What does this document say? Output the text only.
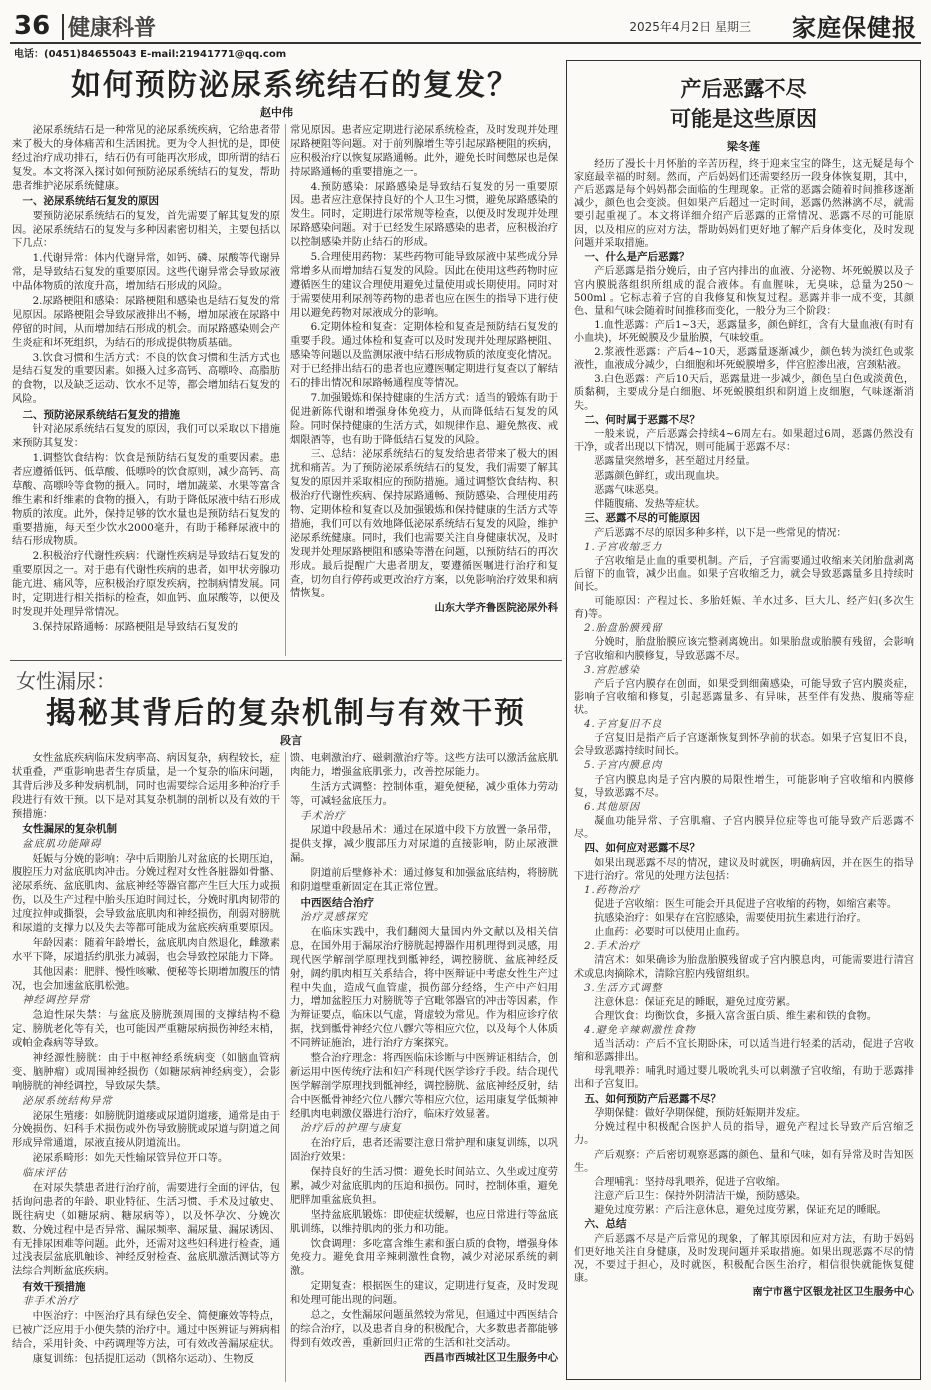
36 健康科普	2025年4月2日 星期三 家庭保健报
电话：(0451)84655043 E-mail:21941771@qq.com
如何预防泌尿系统结石的复发？
赵中伟

泌尿系统结石是一种常见的泌尿系统疾病，它给患者带来了极大的身体痛苦和生活困扰。更为令人担忧的是，即使经过治疗成功排石，结石仍有可能再次形成，即所谓的结石复发。本文将深入探讨如何预防泌尿系统结石的复发，帮助患者维护泌尿系统健康。

一、泌尿系统结石复发的原因

要预防泌尿系统结石的复发，首先需要了解其复发的原因。泌尿系统结石的复发与多种因素密切相关，主要包括以下几点：

1.代谢异常：体内代谢异常，如钙、磷、尿酸等代谢异常，是导致结石复发的重要原因。这些代谢异常会导致尿液中晶体物质的浓度升高，增加结石形成的风险。

2.尿路梗阻和感染：尿路梗阻和感染也是结石复发的常见原因。尿路梗阻会导致尿液排出不畅，增加尿液在尿路中停留的时间，从而增加结石形成的机会。而尿路感染则会产生炎症和坏死组织，为结石的形成提供物质基础。

3.饮食习惯和生活方式：不良的饮食习惯和生活方式也是结石复发的重要因素。如摄入过多高钙、高嘌呤、高脂肪的食物，以及缺乏运动、饮水不足等，都会增加结石复发的风险。

二、预防泌尿系统结石复发的措施

针对泌尿系统结石复发的原因，我们可以采取以下措施来预防其复发：

1.调整饮食结构：饮食是预防结石复发的重要因素。患者应遵循低钙、低草酸、低嘌呤的饮食原则，减少高钙、高草酸、高嘌呤等食物的摄入。同时，增加蔬菜、水果等富含维生素和纤维素的食物的摄入，有助于降低尿液中结石形成物质的浓度。此外，保持足够的饮水量也是预防结石复发的重要措施，每天至少饮水2000毫升，有助于稀释尿液中的结石形成物质。

2.积极治疗代谢性疾病：代谢性疾病是导致结石复发的重要原因之一。对于患有代谢性疾病的患者，如甲状旁腺功能亢进、痛风等，应积极治疗原发疾病，控制病情发展。同时，定期进行相关指标的检查，如血钙、血尿酸等，以便及时发现并处理异常情况。

3.保持尿路通畅：尿路梗阻是导致结石复发的

常见原因。患者应定期进行泌尿系统检查，及时发现并处理尿路梗阻等问题。对于前列腺增生等引起尿路梗阻的疾病，应积极治疗以恢复尿路通畅。此外，避免长时间憋尿也是保持尿路通畅的重要措施之一。

4.预防感染：尿路感染是导致结石复发的另一重要原因。患者应注意保持良好的个人卫生习惯，避免尿路感染的发生。同时，定期进行尿常规等检查，以便及时发现并处理尿路感染问题。对于已经发生尿路感染的患者，应积极治疗以控制感染并防止结石的形成。

5.合理使用药物：某些药物可能导致尿液中某些成分异常增多从而增加结石复发的风险。因此在使用这些药物时应遵循医生的建议合理使用避免过量使用或长期使用。同时对于需要使用利尿剂等药物的患者也应在医生的指导下进行使用以避免药物对尿液成分的影响。

6.定期体检和复查：定期体检和复查是预防结石复发的重要手段。通过体检和复查可以及时发现并处理尿路梗阻、感染等问题以及监测尿液中结石形成物质的浓度变化情况。对于已经排出结石的患者也应遵医嘱定期进行复查以了解结石的排出情况和尿路畅通程度等情况。

7.加强锻炼和保持健康的生活方式：适当的锻炼有助于促进新陈代谢和增强身体免疫力，从而降低结石复发的风险。同时保持健康的生活方式，如规律作息、避免熬夜、戒烟限酒等，也有助于降低结石复发的风险。

三、总结：泌尿系统结石的复发给患者带来了极大的困扰和痛苦。为了预防泌尿系统结石的复发，我们需要了解其复发的原因并采取相应的预防措施。通过调整饮食结构、积极治疗代谢性疾病、保持尿路通畅、预防感染、合理使用药物、定期体检和复查以及加强锻炼和保持健康的生活方式等措施，我们可以有效地降低泌尿系统结石复发的风险，维护泌尿系统健康。同时，我们也需要关注自身健康状况，及时发现并处理尿路梗阻和感染等潜在问题，以预防结石的再次形成。最后提醒广大患者朋友，要遵循医嘱进行治疗和复查，切勿自行停药或更改治疗方案，以免影响治疗效果和病情恢复。

山东大学齐鲁医院泌尿外科

女性漏尿：
揭秘其背后的复杂机制与有效干预
段言

女性盆底疾病临床发病率高、病因复杂，病程较长，症状重叠，严重影响患者生存质量，是一个复杂的临床问题，其背后涉及多种发病机制，同时也需要综合运用多种治疗手段进行有效干预。以下是对其复杂机制的剖析以及有效的干预措施：

女性漏尿的复杂机制

盆底肌功能障碍

妊娠与分娩的影响：孕中后期胎儿对盆底的长期压迫，腹腔压力对盆底肌肉冲击。分娩过程对女性各脏器如骨骼、泌尿系统、盆底肌肉、盆底神经等器官都产生巨大压力或损伤，以及生产过程中胎头压迫时间过长，分娩时肌肉韧带的过度拉伸或撕裂，会导致盆底肌肉和神经损伤，削弱对膀胱和尿道的支撑力以及失去等都可能成为盆底疾病重要原因。

年龄因素：随着年龄增长，盆底肌肉自然退化，雌激素水平下降，尿道括约肌张力减弱，也会导致控尿能力下降。

其他因素：肥胖、慢性咳嗽、便秘等长期增加腹压的情况，也会加速盆底肌松弛。

神经调控异常

急迫性尿失禁：与盆底及膀胱颈周围的支撑结构不稳定、膀胱老化等有关，也可能因严重糖尿病损伤神经末梢，或帕金森病等导致。

神经源性膀胱：由于中枢神经系统病变（如脑血管病变、脑肿瘤）或周围神经损伤（如糖尿病神经病变），会影响膀胱的神经调控，导致尿失禁。

泌尿系统结构异常

泌尿生殖瘘：如膀胱阴道瘘或尿道阴道瘘，通常是由于分娩损伤、妇科手术损伤或外伤导致膀胱或尿道与阴道之间形成异常通道，尿液直接从阴道流出。

泌尿系畸形：如先天性输尿管异位开口等。

临床评估

在对尿失禁患者进行治疗前，需要进行全面的评估，包括询问患者的年龄、职业特征、生活习惯、手术及过敏史、既往病史（如糖尿病、糖尿病等），以及怀孕次、分娩次数、分娩过程中是否异常、漏尿频率、漏尿量、漏尿诱因、有无排尿困难等问题。此外，还需对这些妇科进行检查，通过浅表层盆底肌触诊、神经反射检查、盆底肌激活测试等方法综合判断盆底疾病。

有效干预措施

非手术治疗

中医治疗：中医治疗具有绿色安全、简便廉效等特点，已被广泛应用于小便失禁的治疗中。通过中医辨证与辨病相结合，采用针灸、中药调理等方法，可有效改善漏尿症状。

康复训练：包括提肛运动（凯格尔运动）、生物反

馈、电刺激治疗、磁刺激治疗等。这些方法可以激活盆底肌肉能力，增强盆底肌张力，改善控尿能力。

生活方式调整：控制体重，避免便秘，减少重体力劳动等，可减轻盆底压力。

手术治疗

尿道中段悬吊术：通过在尿道中段下方放置一条吊带，提供支撑，减少腹部压力对尿道的直接影响，防止尿液泄漏。

阴道前后壁修补术：通过修复和加强盆底结构，将膀胱和阴道壁重新固定在其正常位置。

中西医结合治疗

治疗灵感探究

在临床实践中，我们翻阅大量国内外文献以及相关信息，在国外用于漏尿治疗膀胱起搏器作用机理得到灵感，用现代医学解剖学原理找到骶神经，调控膀胱、盆底神经反射，阔约肌肉相互关系结合，将中医辩证中考虑女性生产过程中失血，造成气血管虚，损伤部分经络，生产中产妇用力，增加盆腔压力对膀胱等子宫毗邻器官的冲击等因素，作为辩证要点，临床以气虚，肾虚较为常见。作为相应诊疗依据，找到骶骨神经穴位八髎穴等相应穴位，以及每个人体质不同辨证施治，进行治疗方案探究。

整合治疗理念：将西医临床诊断与中医辨证相结合，创新运用中医传统疗法和妇产科现代医学诊疗手段。结合现代医学解剖学原理找到骶神经，调控膀胱、盆底神经反射，结合中医骶骨神经穴位八髎穴等相应穴位，运用康复学低频神经肌肉电刺激仪器进行治疗，临床疗效显著。

治疗后的护理与康复

在治疗后，患者还需要注意日常护理和康复训练，以巩固治疗效果：

保持良好的生活习惯：避免长时间站立、久坐或过度劳累，减少对盆底肌肉的压迫和损伤。同时，控制体重，避免肥胖加重盆底负担。

坚持盆底肌锻炼：即使症状缓解，也应日常进行等盆底肌训练，以维持肌肉的张力和功能。

饮食调理：多吃富含维生素和蛋白质的食物，增强身体免疫力。避免食用辛辣刺激性食物，减少对泌尿系统的刺激。

定期复查：根据医生的建议，定期进行复查，及时发现和处理可能出现的问题。

总之，女性漏尿问题虽然较为常见，但通过中西医结合的综合治疗，以及患者自身的积极配合，大多数患者都能够得到有效改善，重新回归正常的生活和社交活动。

西昌市西城社区卫生服务中心

产后恶露不尽
可能是这些原因
梁冬莲

经历了漫长十月怀胎的辛苦历程，终于迎来宝宝的降生，这无疑是每个家庭最幸福的时刻。然而，产后妈妈们还需要经历一段身体恢复期，其中，产后恶露是每个妈妈都会面临的生理现象。正常的恶露会随着时间推移逐渐减少，颜色也会变淡。但如果产后超过一定时间，恶露仍然淋漓不尽，就需要引起重视了。本文将详细介绍产后恶露的正常情况、恶露不尽的可能原因，以及相应的应对方法，帮助妈妈们更好地了解产后身体变化，及时发现问题并采取措施。

一、什么是产后恶露？

产后恶露是指分娩后，由子宫内排出的血液、分泌物、坏死蜕膜以及子宫内膜脱落组织所组成的混合液体。有血腥味，无臭味，总量为250～500ml 。它标志着子宫的自我修复和恢复过程。恶露并非一成不变，其颜色、量和气味会随着时间推移而变化，一般分为三个阶段：

1.血性恶露：产后1~3天，恶露量多，颜色鲜红，含有大量血液(有时有小血块)，坏死蜕膜及少量胎膜，气味较重。

2.浆液性恶露：产后4~10天，恶露量逐渐减少，颜色转为淡红色或浆液性，血液成分减少，白细胞和坏死蜕膜增多，伴宫腔渗出液，宫颈粘液。

3.白色恶露：产后10天后，恶露量进一步减少，颜色呈白色或淡黄色，质黏稠，主要成分是白细胞、坏死蜕膜组织和阴道上皮细胞，气味逐渐消失。

二、何时属于恶露不尽？

一般来说，产后恶露会持续4~6周左右。如果超过6周，恶露仍然没有干净，或者出现以下情况，则可能属于恶露不尽：

恶露量突然增多，甚至超过月经量。

恶露颜色鲜红，或出现血块。

恶露气味恶臭。

伴随腹痛、发热等症状。

三、恶露不尽的可能原因

产后恶露不尽的原因多种多样，以下是一些常见的情况：

1.子宫收缩乏力

子宫收缩是止血的重要机制。产后，子宫需要通过收缩来关闭胎盘剥离后留下的血管，减少出血。如果子宫收缩乏力，就会导致恶露量多且持续时间长。

可能原因：产程过长、多胎妊娠、羊水过多、巨大儿、经产妇(多次生育)等。

2.胎盘胎膜残留

分娩时，胎盘胎膜应该完整剥离娩出。如果胎盘或胎膜有残留，会影响子宫收缩和内膜修复，导致恶露不尽。

3.宫腔感染

产后子宫内膜存在创面，如果受到细菌感染，可能导致子宫内膜炎症，影响子宫收缩和修复，引起恶露量多、有异味，甚至伴有发热、腹痛等症状。

4.子宫复旧不良

子宫复旧是指产后子宫逐渐恢复到怀孕前的状态。如果子宫复旧不良，会导致恶露持续时间长。

5.子宫内膜息肉

子宫内膜息肉是子宫内膜的局限性增生，可能影响子宫收缩和内膜修复，导致恶露不尽。

6.其他原因

凝血功能异常、子宫肌瘤、子宫内膜异位症等也可能导致产后恶露不尽。

四、如何应对恶露不尽？

如果出现恶露不尽的情况，建议及时就医，明确病因，并在医生的指导下进行治疗。常见的处理方法包括：

1.药物治疗

促进子宫收缩：医生可能会开具促进子宫收缩的药物，如缩宫素等。

抗感染治疗：如果存在宫腔感染，需要使用抗生素进行治疗。

止血药：必要时可以使用止血药。

2.手术治疗

清宫术：如果确诊为胎盘胎膜残留或子宫内膜息肉，可能需要进行清宫术或息肉摘除术，清除宫腔内残留组织。

3.生活方式调整

注意休息：保证充足的睡眠，避免过度劳累。

合理饮食：均衡饮食，多摄入富含蛋白质、维生素和铁的食物。

4.避免辛辣刺激性食物

适当活动：产后不宜长期卧床，可以适当进行轻柔的活动，促进子宫收缩和恶露排出。

母乳喂养：哺乳时通过婴儿吸吮乳头可以刺激子宫收缩，有助于恶露排出和子宫复旧。

五、如何预防产后恶露不尽？

孕期保健：做好孕期保健，预防妊娠期并发症。

分娩过程中积极配合医护人员的指导，避免产程过长导致产后宫缩乏力。

产后观察：产后密切观察恶露的颜色、量和气味，如有异常及时告知医生。

合理哺乳：坚持母乳喂养，促进子宫收缩。

注意产后卫生：保持外阴清洁干燥，预防感染。

避免过度劳累：产后注意休息，避免过度劳累，保证充足的睡眠。

六、总结

产后恶露不尽是产后常见的现象，了解其原因和应对方法，有助于妈妈们更好地关注自身健康，及时发现问题并采取措施。如果出现恶露不尽的情况，不要过于担心，及时就医，积极配合医生治疗，相信很快就能恢复健康。

南宁市邕宁区银龙社区卫生服务中心
